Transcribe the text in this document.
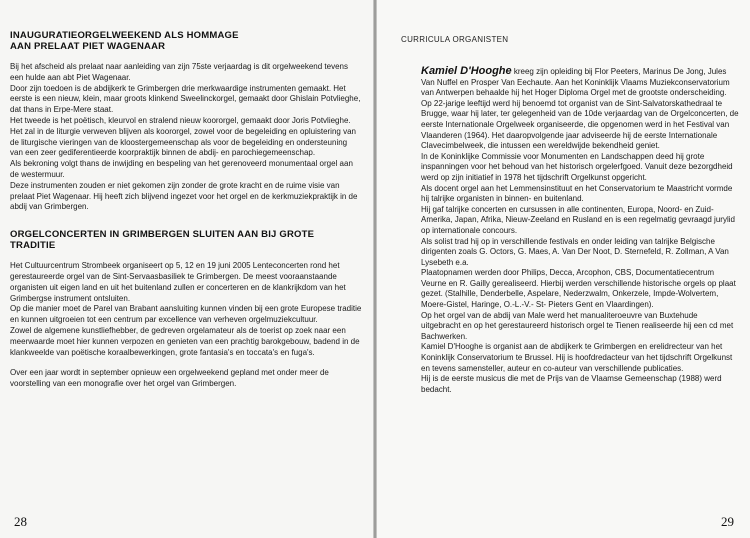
INAUGURATIEORGELWEEKEND ALS HOMMAGE
AAN PRELAAT PIET WAGENAAR

Bij het afscheid als prelaat naar aanleiding van zijn 75ste verjaardag is dit orgelweekend tevens een hulde aan abt Piet Wagenaar.

Door zijn toedoen is de abdijkerk te Grimbergen drie merkwaardige instrumenten gemaakt. Het eerste is een nieuw, klein, maar groots klinkend Sweelinckorgel, gemaakt door Ghislain Potvlieghe, dat thans in Erpe-Mere staat.

Het tweede is het poëtisch, kleurvol en stralend nieuw koororgel, gemaakt door Joris Potvlieghe. Het zal in de liturgie verweven blijven als koororgel, zowel voor de begeleiding en opluistering van de liturgische vieringen van de kloostergemeenschap als voor de begeleiding en ondersteuning van een zeer gediferentieerde koorpraktijk binnen de abdij- en parochiegemeenschap.

Als bekroning volgt thans de inwijding en bespeling van het gerenoveerd monumentaal orgel aan de westermuur.

Deze instrumenten zouden er niet gekomen zijn zonder de grote kracht en de ruime visie van prelaat Piet Wagenaar. Hij heeft zich blijvend ingezet voor het orgel en de kerkmuziekpraktijk in de abdij van Grimbergen.

ORGELCONCERTEN IN GRIMBERGEN SLUITEN AAN BIJ GROTE TRADITIE

Het Cultuurcentrum Strombeek organiseert op 5, 12 en 19 juni 2005 Lenteconcerten rond het gerestaureerde orgel van de Sint-Servaasbasiliek te Grimbergen. De meest vooraanstaande organisten uit eigen land en uit het buitenland zullen er concerteren en de klankrijkdom van het Grimbergse instrument ontsluiten.

Op die manier moet de Parel van Brabant aansluiting kunnen vinden bij een grote Europese traditie en kunnen uitgroeien tot een centrum par excellence van verheven orgelmuziekcultuur.

Zowel de algemene kunstliefhebber, de gedreven orgelamateur als de toerist op zoek naar een meerwaarde moet hier kunnen verpozen en genieten van een prachtig barokgebouw, badend in de klankweelde van poëtische koraalbewerkingen, grote fantasia's en toccata's en fuga's.

Over een jaar wordt in september opnieuw een orgelweekend gepland met onder meer de voorstelling van een monografie over het orgel van Grimbergen.

28
CURRICULA ORGANISTEN

Kamiel D'Hooghe kreeg zijn opleiding bij Flor Peeters, Marinus De Jong, Jules Van Nuffel en Prosper Van Eechaute. Aan het Koninklijk Vlaams Muziekconservatorium van Antwerpen behaalde hij het Hoger Diploma Orgel met de grootste onderscheiding.

Op 22-jarige leeftijd werd hij benoemd tot organist van de Sint-Salvatorskathedraal te Brugge, waar hij later, ter gelegenheid van de 10de verjaardag van de Orgelconcerten, de eerste Internationale Orgelweek organiseerde, die opgenomen werd in het Festival van Vlaanderen (1964). Het daaropvolgende jaar adviseerde hij de eerste Internationale Clavecimbelweek, die intussen een wereldwijde bekendheid geniet.

In de Koninklijke Commissie voor Monumenten en Landschappen deed hij grote inspanningen voor het behoud van het historisch orgelerfgoed. Vanuit deze bezorgdheid werd op zijn initiatief in 1978 het tijdschrift Orgelkunst opgericht.

Als docent orgel aan het Lemmensinstituut en het Conservatorium te Maastricht vormde hij talrijke organisten in binnen- en buitenland.

Hij gaf talrijke concerten en cursussen in alle continenten, Europa, Noord- en Zuid-Amerika, Japan, Afrika, Nieuw-Zeeland en Rusland en is een regelmatig gevraagd jurylid op internationale concours.

Als solist trad hij op in verschillende festivals en onder leiding van talrijke Belgische dirigenten zoals G. Octors, G. Maes, A. Van Der Noot, D. Sternefeld, R. Zollman, A Van Lysebeth e.a.

Plaatopnamen werden door Philips, Decca, Arcophon, CBS, Documentatiecentrum Veurne en R. Gailly gerealiseerd. Hierbij werden verschillende historische orgels op plaat gezet. (Stalhille, Denderbelle, Aspelare, Nederzwalm, Onkerzele, Impde-Wolvertem, Moere-Gistel, Haringe, O.-L.-V.- St- Pieters Gent en Vlaardingen).

Op het orgel van de abdij van Male werd het manualiteroeuvre van Buxtehude uitgebracht en op het gerestaureerd historisch orgel te Tienen realiseerde hij een cd met Bachwerken.

Kamiel D'Hooghe is organist aan de abdijkerk te Grimbergen en erelidrecteur van het Koninklijk Conservatorium te Brussel. Hij is hoofdredacteur van het tijdschrift Orgelkunst en tevens samensteller, auteur en co-auteur van verschillende publicaties.

Hij is de eerste musicus die met de Prijs van de Vlaamse Gemeenschap (1988) werd bedacht.

29
